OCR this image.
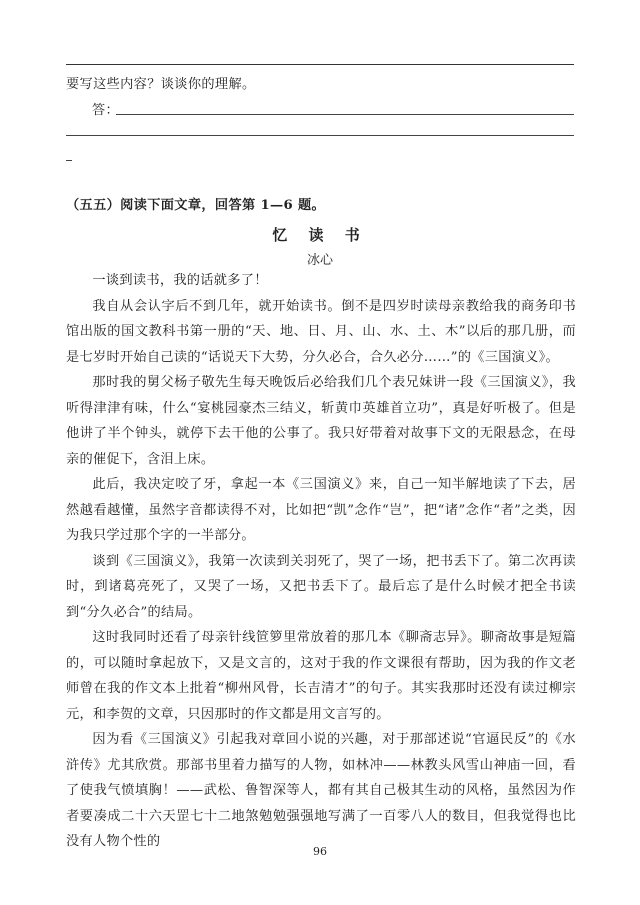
要写这些内容？谈谈你的理解。
答：
（五五）阅读下面文章，回答第 1—6 题。
忆 读 书
冰心

一谈到读书，我的话就多了！

我自从会认字后不到几年，就开始读书。倒不是四岁时读母亲教给我的商务印书馆出版的国文教科书第一册的“天、地、日、月、山、水、土、木”以后的那几册，而是七岁时开始自己读的“话说天下大势，分久必合，合久必分……”的《三国演义》。

那时我的舅父杨子敬先生每天晚饭后必给我们几个表兄妹讲一段《三国演义》，我听得津津有味，什么“宴桃园豪杰三结义，斩黄巾英雄首立功”，真是好听极了。但是他讲了半个钟头，就停下去干他的公事了。我只好带着对故事下文的无限悬念，在母亲的催促下，含泪上床。

此后，我决定咬了牙，拿起一本《三国演义》来，自己一知半解地读了下去，居然越看越懂，虽然字音都读得不对，比如把“凯”念作“岂”，把“诸”念作“者”之类，因为我只学过那个字的一半部分。

谈到《三国演义》，我第一次读到关羽死了，哭了一场，把书丢下了。第二次再读时，到诸葛亮死了，又哭了一场，又把书丢下了。最后忘了是什么时候才把全书读到“分久必合”的结局。

这时我同时还看了母亲针线笸箩里常放着的那几本《聊斋志异》。聊斋故事是短篇的，可以随时拿起放下，又是文言的，这对于我的作文课很有帮助，因为我的作文老师曾在我的作文本上批着“柳州风骨，长吉清才”的句子。其实我那时还没有读过柳宗元，和李贺的文章，只因那时的作文都是用文言写的。

因为看《三国演义》引起我对章回小说的兴趣，对于那部述说“官逼民反”的《水浒传》尤其欣赏。那部书里着力描写的人物，如林冲——林教头风雪山神庙一回，看了使我气愤填胸！——武松、鲁智深等人，都有其自己极其生动的风格，虽然因为作者要凑成二十六天罡七十二地煞勉勉强强地写满了一百零八人的数目，但我觉得也比没有人物个性的

96
